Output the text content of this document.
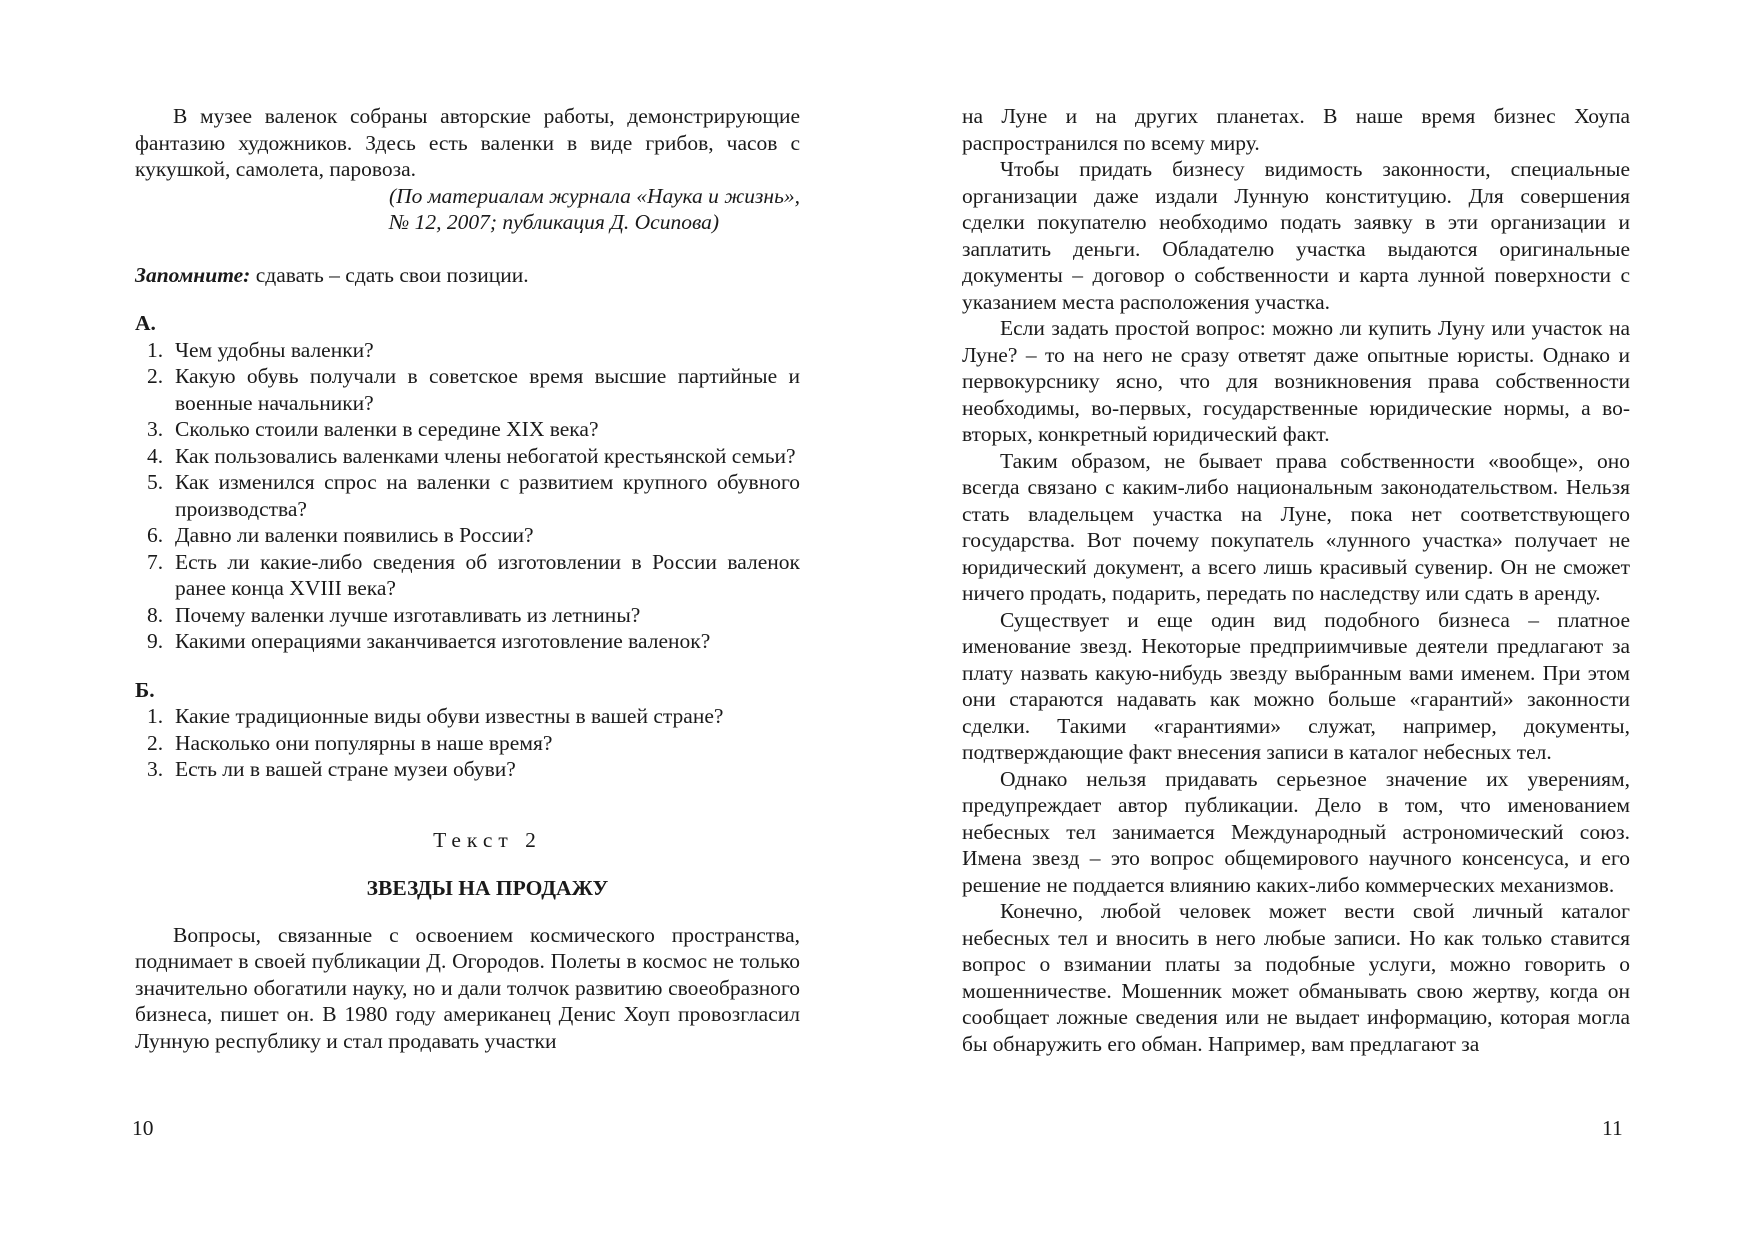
В музее валенок собраны авторские работы, демонстрирующие фантазию художников. Здесь есть валенки в виде грибов, часов с кукушкой, самолета, паровоза.

(По материалам журнала «Наука и жизнь»,
№ 12, 2007; публикация Д. Осипова)

Запомните: сдавать – сдать свои позиции.

А.

1. Чем удобны валенки?
2. Какую обувь получали в советское время высшие партийные и военные начальники?
3. Сколько стоили валенки в середине XIX века?
4. Как пользовались валенками члены небогатой крестьянской семьи?
5. Как изменился спрос на валенки с развитием крупного обувного производства?
6. Давно ли валенки появились в России?
7. Есть ли какие-либо сведения об изготовлении в России валенок ранее конца XVIII века?
8. Почему валенки лучше изготавливать из летнины?
9. Какими операциями заканчивается изготовление валенок?

Б.

1. Какие традиционные виды обуви известны в вашей стране?
2. Насколько они популярны в наше время?
3. Есть ли в вашей стране музеи обуви?

Текст 2

ЗВЕЗДЫ НА ПРОДАЖУ

Вопросы, связанные с освоением космического пространства, поднимает в своей публикации Д. Огородов. Полеты в космос не только значительно обогатили науку, но и дали толчок развитию своеобразного бизнеса, пишет он. В 1980 году американец Денис Хоуп провозгласил Лунную республику и стал продавать участки

10

на Луне и на других планетах. В наше время бизнес Хоупа распространился по всему миру.

Чтобы придать бизнесу видимость законности, специальные организации даже издали Лунную конституцию. Для совершения сделки покупателю необходимо подать заявку в эти организации и заплатить деньги. Обладателю участка выдаются оригинальные документы – договор о собственности и карта лунной поверхности с указанием места расположения участка.

Если задать простой вопрос: можно ли купить Луну или участок на Луне? – то на него не сразу ответят даже опытные юристы. Однако и первокурснику ясно, что для возникновения права собственности необходимы, во-первых, государственные юридические нормы, а во-вторых, конкретный юридический факт.

Таким образом, не бывает права собственности «вообще», оно всегда связано с каким-либо национальным законодательством. Нельзя стать владельцем участка на Луне, пока нет соответствующего государства. Вот почему покупатель «лунного участка» получает не юридический документ, а всего лишь красивый сувенир. Он не сможет ничего продать, подарить, передать по наследству или сдать в аренду.

Существует и еще один вид подобного бизнеса – платное именование звезд. Некоторые предприимчивые деятели предлагают за плату назвать какую-нибудь звезду выбранным вами именем. При этом они стараются надавать как можно больше «гарантий» законности сделки. Такими «гарантиями» служат, например, документы, подтверждающие факт внесения записи в каталог небесных тел.

Однако нельзя придавать серьезное значение их уверениям, предупреждает автор публикации. Дело в том, что именованием небесных тел занимается Международный астрономический союз. Имена звезд – это вопрос общемирового научного консенсуса, и его решение не поддается влиянию каких-либо коммерческих механизмов.

Конечно, любой человек может вести свой личный каталог небесных тел и вносить в него любые записи. Но как только ставится вопрос о взимании платы за подобные услуги, можно говорить о мошенничестве. Мошенник может обманывать свою жертву, когда он сообщает ложные сведения или не выдает информацию, которая могла бы обнаружить его обман. Например, вам предлагают за

11
